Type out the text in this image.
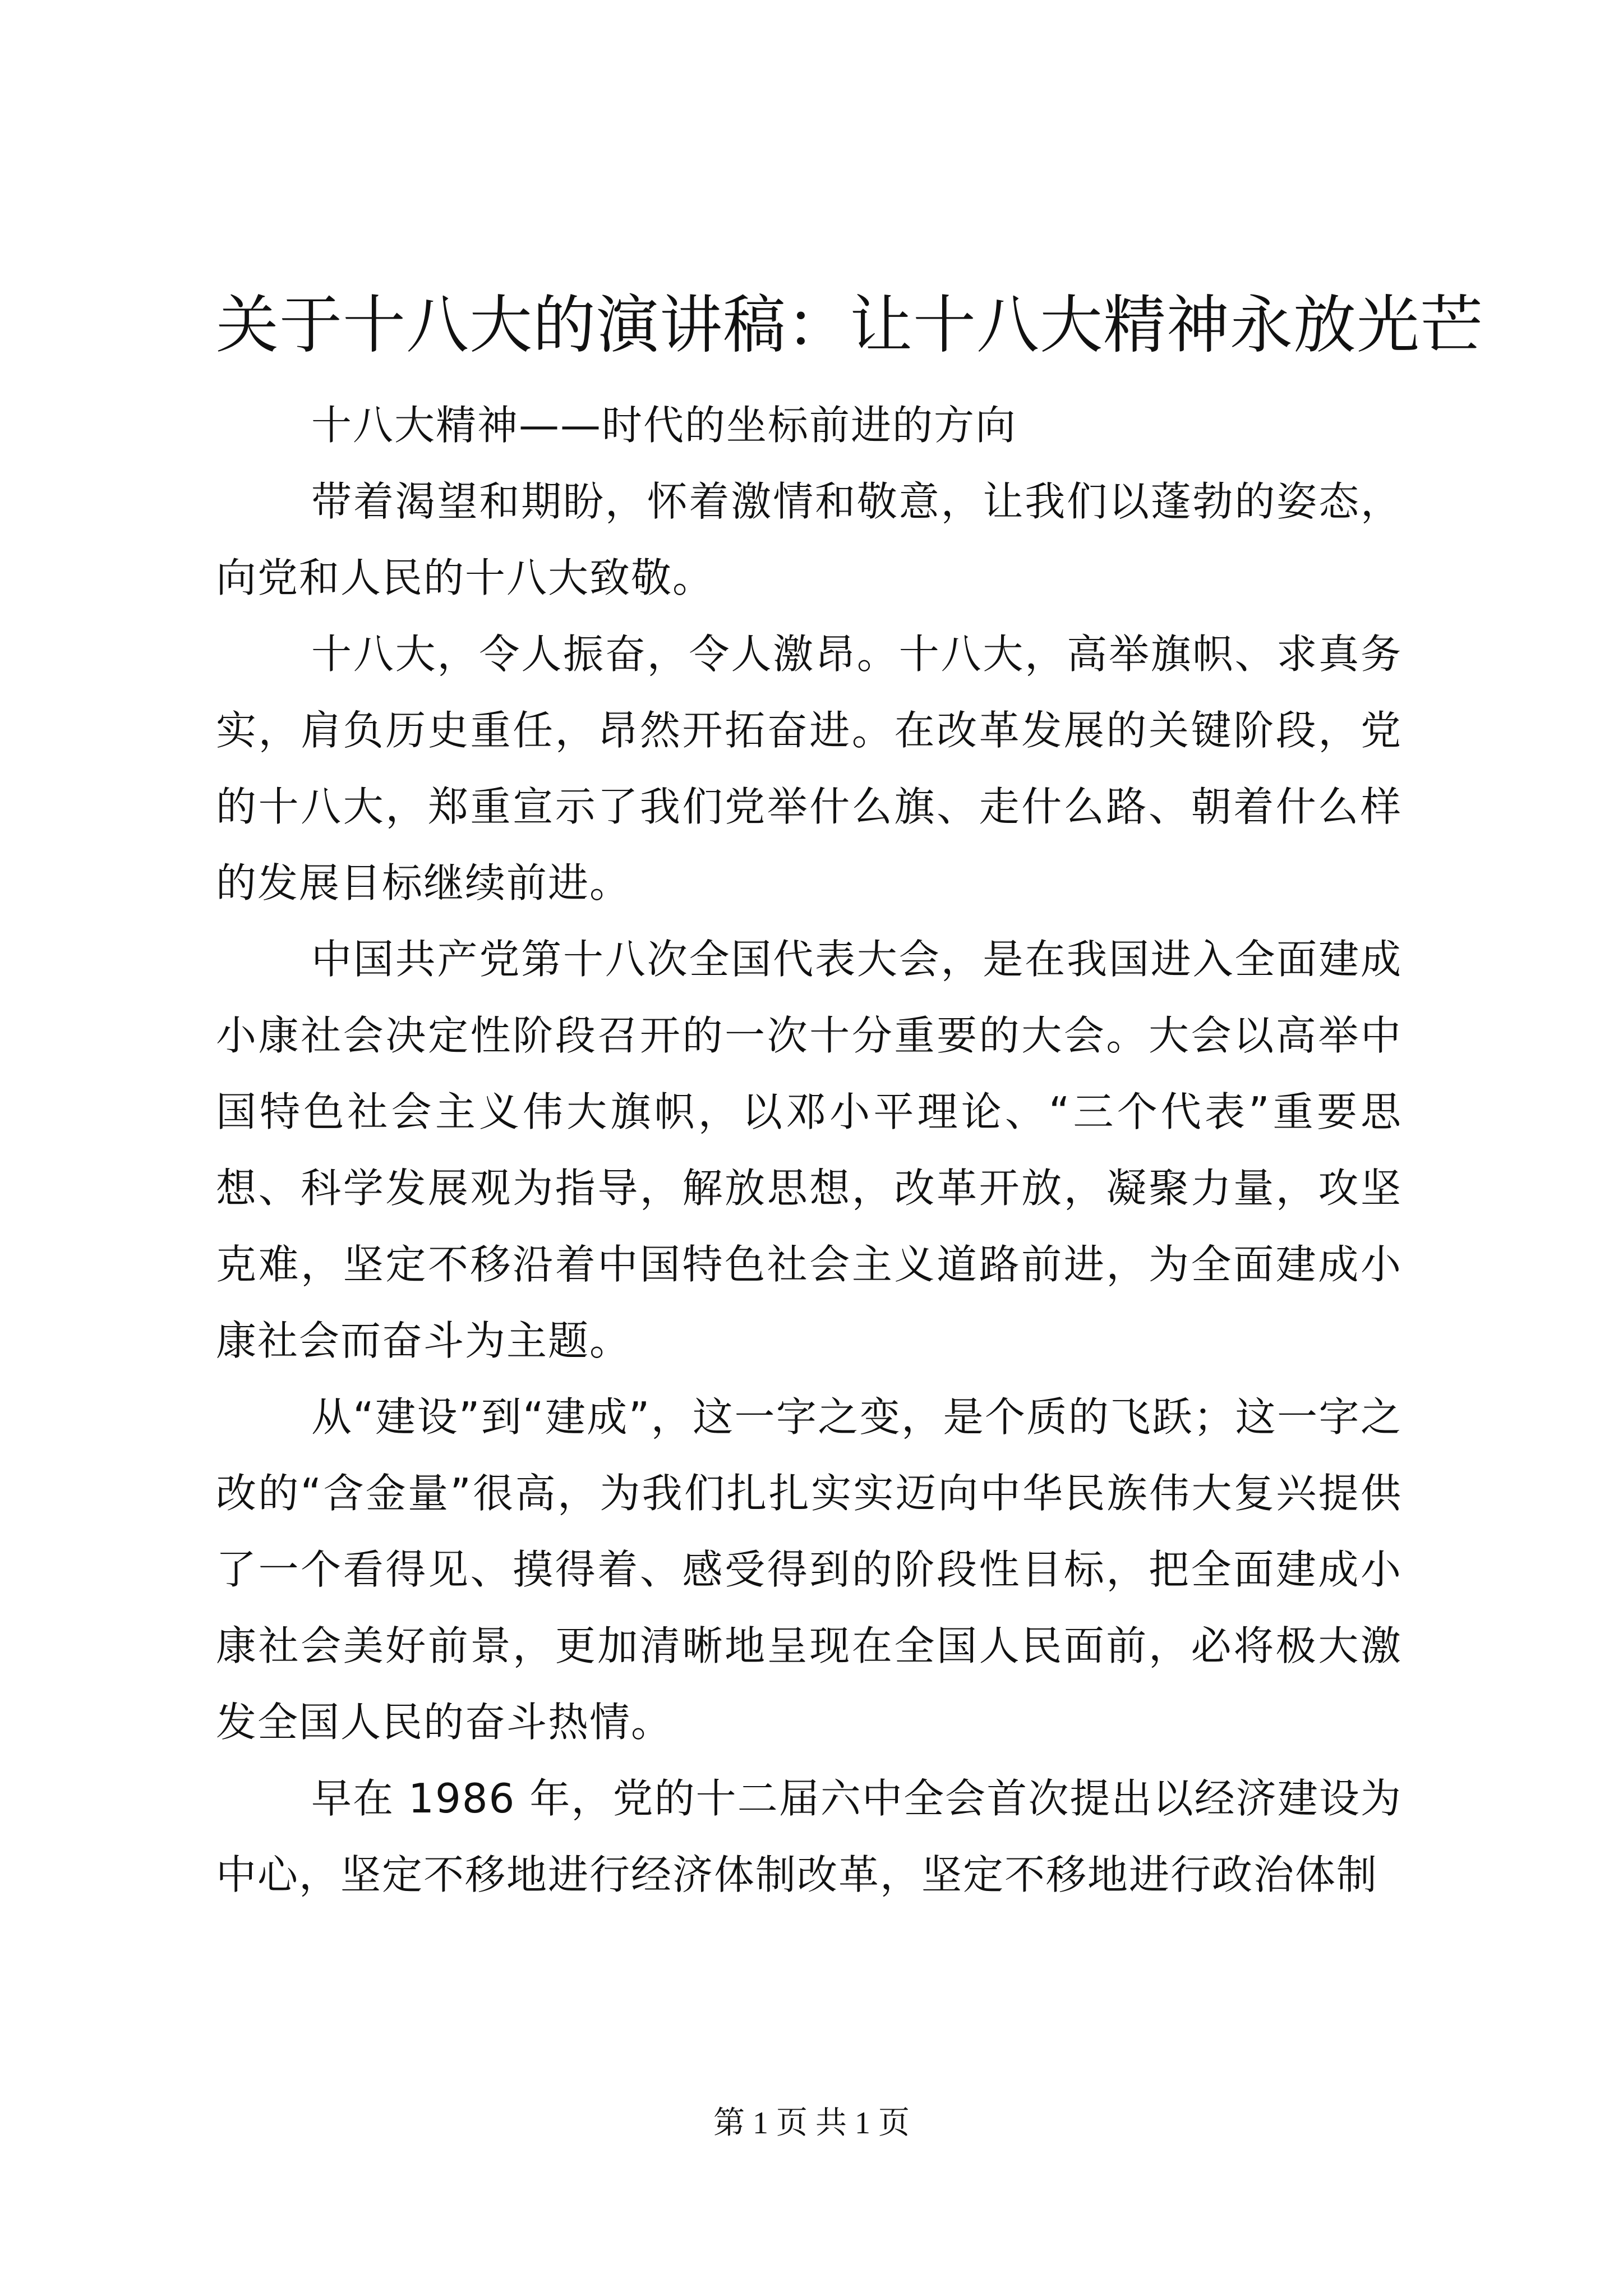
关于十八大的演讲稿：让十八大精神永放光芒

十八大精神——时代的坐标前进的方向

带着渴望和期盼，怀着激情和敬意，让我们以蓬勃的姿态，向党和人民的十八大致敬。

十八大，令人振奋，令人激昂。十八大，高举旗帜、求真务实，肩负历史重任，昂然开拓奋进。在改革发展的关键阶段，党的十八大，郑重宣示了我们党举什么旗、走什么路、朝着什么样的发展目标继续前进。

中国共产党第十八次全国代表大会，是在我国进入全面建成小康社会决定性阶段召开的一次十分重要的大会。大会以高举中国特色社会主义伟大旗帜，以邓小平理论、“三个代表”重要思想、科学发展观为指导，解放思想，改革开放，凝聚力量，攻坚克难，坚定不移沿着中国特色社会主义道路前进，为全面建成小康社会而奋斗为主题。

从“建设”到“建成”，这一字之变，是个质的飞跃；这一字之改的“含金量”很高，为我们扎扎实实迈向中华民族伟大复兴提供了一个看得见、摸得着、感受得到的阶段性目标，把全面建成小康社会美好前景，更加清晰地呈现在全国人民面前，必将极大激发全国人民的奋斗热情。

早在 1986 年，党的十二届六中全会首次提出以经济建设为中心，坚定不移地进行经济体制改革，坚定不移地进行政治体制

第 1 页 共 1 页
